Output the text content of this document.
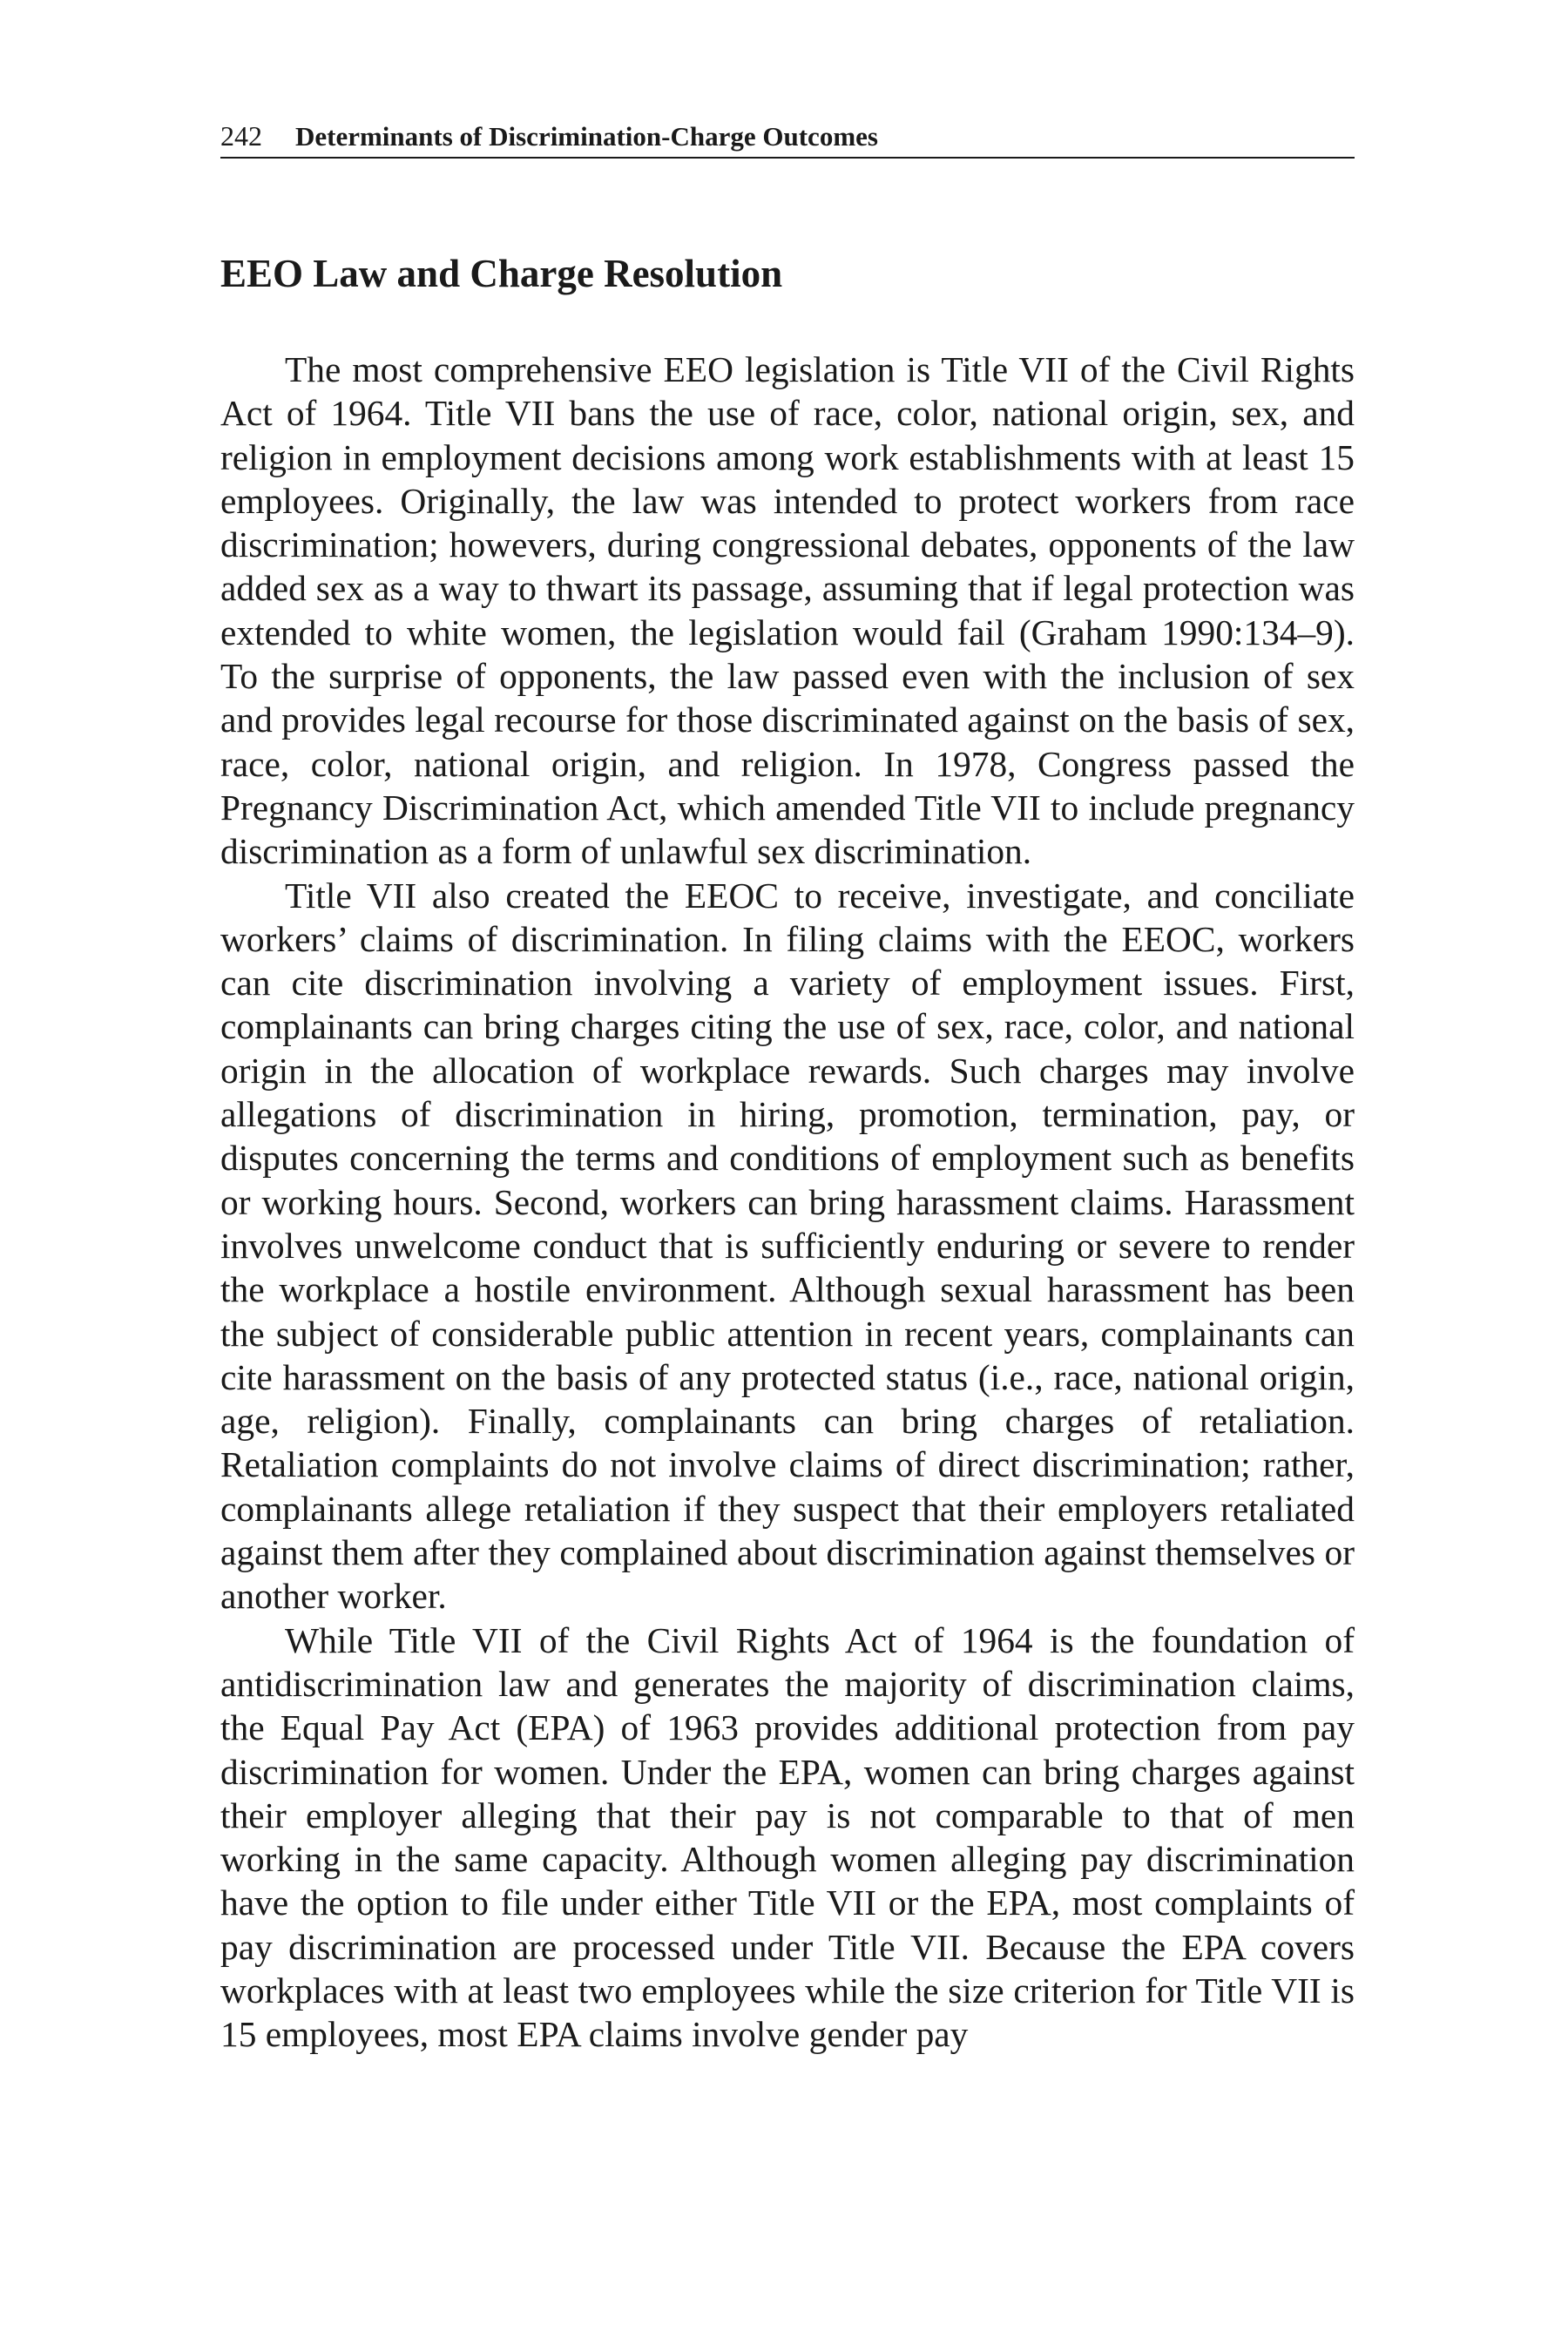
242 Determinants of Discrimination-Charge Outcomes
EEO Law and Charge Resolution

The most comprehensive EEO legislation is Title VII of the Civil Rights Act of 1964. Title VII bans the use of race, color, national origin, sex, and religion in employment decisions among work establishments with at least 15 employees. Originally, the law was intended to protect workers from race discrimination; howevers, during congressional debates, opponents of the law added sex as a way to thwart its passage, assuming that if legal protection was extended to white women, the legislation would fail (Graham 1990:134–9). To the surprise of opponents, the law passed even with the inclusion of sex and provides legal recourse for those discriminated against on the basis of sex, race, color, national origin, and religion. In 1978, Congress passed the Pregnancy Discrimination Act, which amended Title VII to include pregnancy discrimination as a form of unlawful sex discrimination.

Title VII also created the EEOC to receive, investigate, and conciliate workers’ claims of discrimination. In filing claims with the EEOC, workers can cite discrimination involving a variety of employment issues. First, complainants can bring charges citing the use of sex, race, color, and national origin in the allocation of workplace rewards. Such charges may involve allegations of discrimination in hiring, promotion, termination, pay, or disputes concerning the terms and conditions of employment such as benefits or working hours. Second, workers can bring harassment claims. Harassment involves unwelcome conduct that is sufficiently enduring or severe to render the workplace a hostile environment. Although sexual harassment has been the subject of considerable public attention in recent years, complainants can cite harassment on the basis of any protected status (i.e., race, national origin, age, religion). Finally, complainants can bring charges of retaliation. Retaliation complaints do not involve claims of direct discrimination; rather, complainants allege retaliation if they suspect that their employers retaliated against them after they complained about discrimination against themselves or another worker.

While Title VII of the Civil Rights Act of 1964 is the foundation of antidiscrimination law and generates the majority of discrimination claims, the Equal Pay Act (EPA) of 1963 provides additional protection from pay discrimination for women. Under the EPA, women can bring charges against their employer alleging that their pay is not comparable to that of men working in the same capacity. Although women alleging pay discrimination have the option to file under either Title VII or the EPA, most complaints of pay discrimination are processed under Title VII. Because the EPA covers workplaces with at least two employees while the size criterion for Title VII is 15 employees, most EPA claims involve gender pay
